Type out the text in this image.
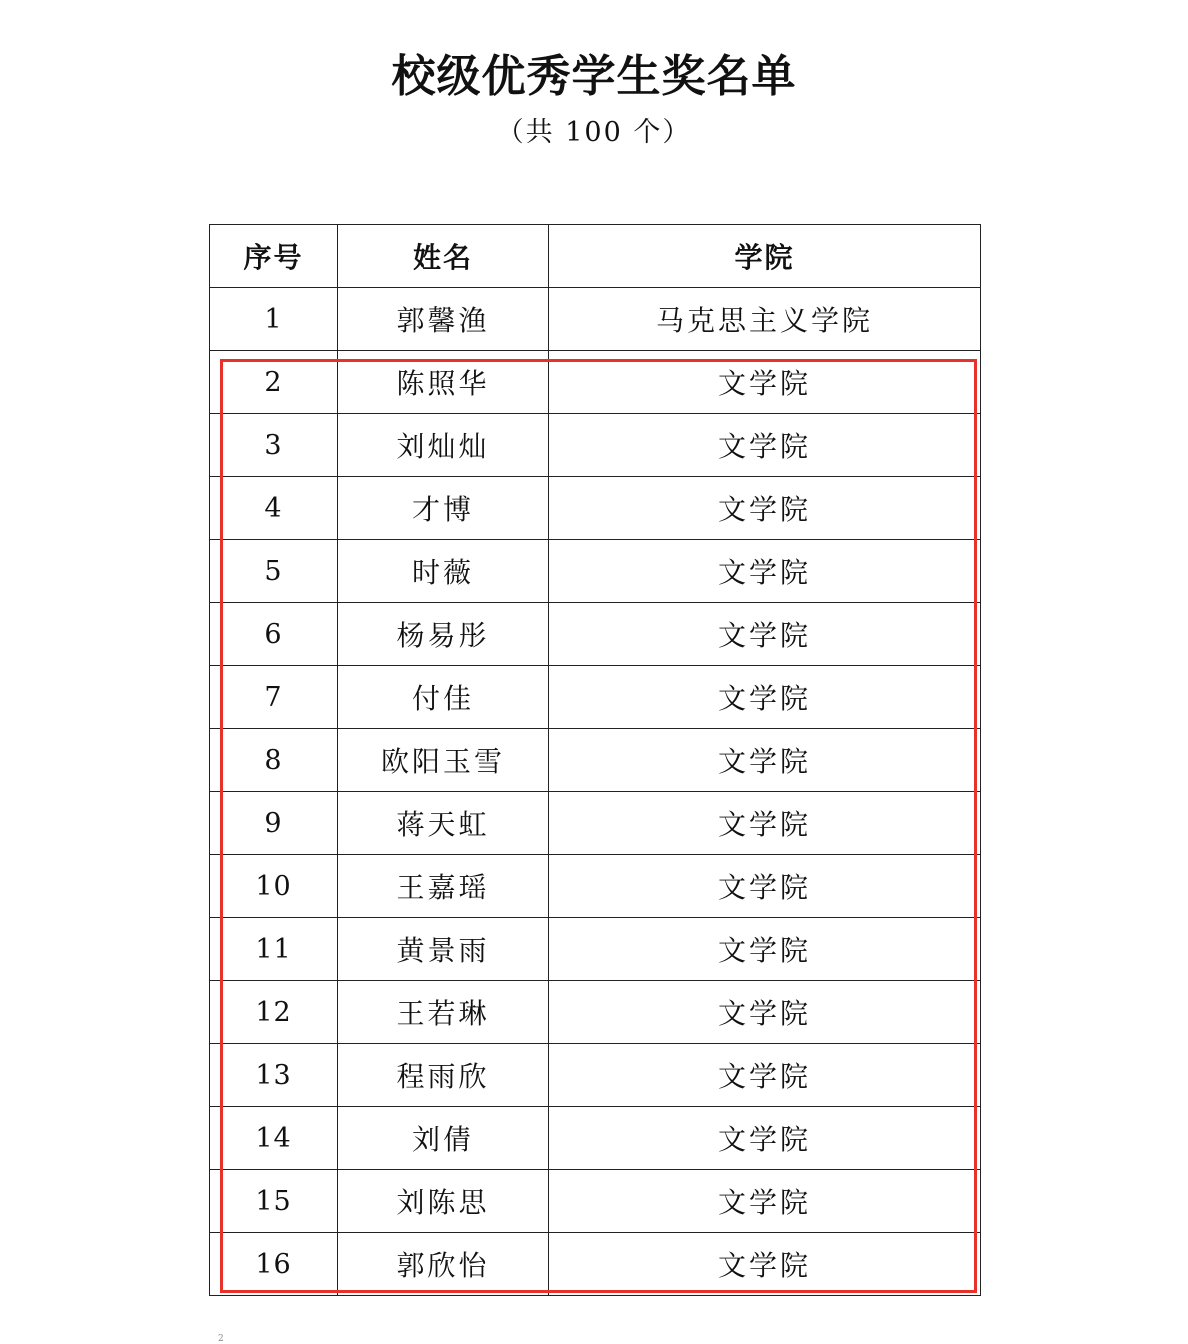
校级优秀学生奖名单
（共 100 个）
序号	姓名	学院
1	郭馨渔	马克思主义学院
2	陈照华	文学院
3	刘灿灿	文学院
4	才博	文学院
5	时薇	文学院
6	杨易彤	文学院
7	付佳	文学院
8	欧阳玉雪	文学院
9	蒋天虹	文学院
10	王嘉瑶	文学院
11	黄景雨	文学院
12	王若琳	文学院
13	程雨欣	文学院
14	刘倩	文学院
15	刘陈思	文学院
16	郭欣怡	文学院
2
